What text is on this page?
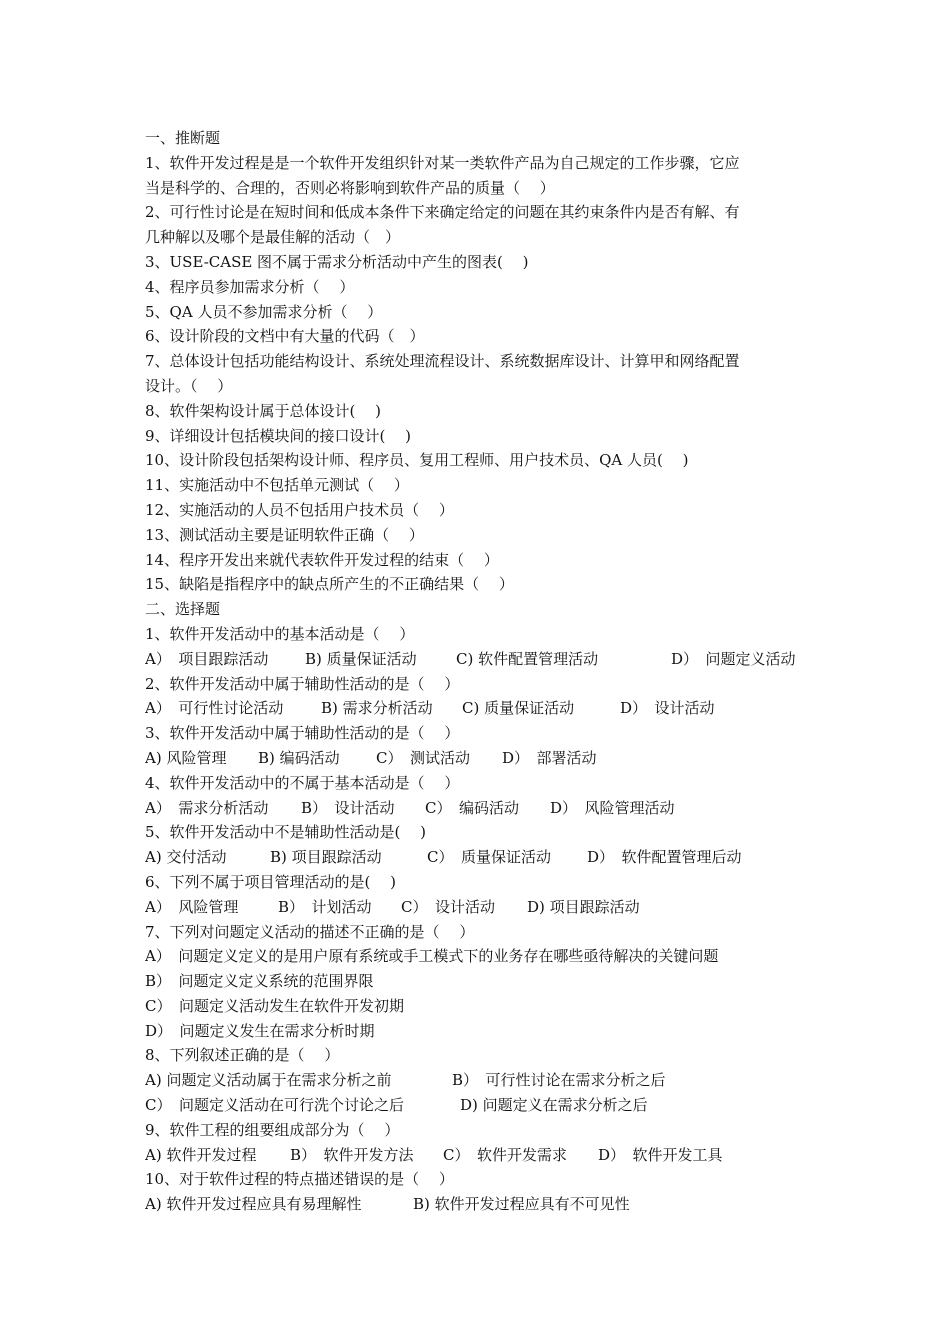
一、推断题
1、软件开发过程是是一个软件开发组织针对某一类软件产品为自己规定的工作步骤，它应
当是科学的、合理的，否则必将影响到软件产品的质量（　 ）
2、可行性讨论是在短时间和低成本条件下来确定给定的问题在其约束条件内是否有解、有
几种解以及哪个是最佳解的活动（　）
3、USE-CASE 图不属于需求分析活动中产生的图表(　 )
4、程序员参加需求分析（　 ）
5、QA 人员不参加需求分析（　 ）
6、设计阶段的文档中有大量的代码（　）
7、总体设计包括功能结构设计、系统处理流程设计、系统数据库设计、计算甲和网络配置
设计。（　 ）
8、软件架构设计属于总体设计(　 )
9、详细设计包括模块间的接口设计(　 )
10、设计阶段包括架构设计师、程序员、复用工程师、用户技术员、QA 人员(　 )
11、实施活动中不包括单元测试（　 ）
12、实施活动的人员不包括用户技术员（　 ）
13、测试活动主要是证明软件正确（　 ）
14、程序开发出来就代表软件开发过程的结束（　 ）
15、缺陷是指程序中的缺点所产生的不正确结果（　 ）
二、选择题
1、软件开发活动中的基本活动是（　 ）
A）　项目跟踪活动 B) 质量保证活动	C) 软件配置管理活动	D）　问题定义活动
2、软件开发活动中属于辅助性活动的是（　 ）
A）　可行性讨论活动	B) 需求分析活动 C) 质量保证活动	D）　设计活动
3、软件开发活动中属于辅助性活动的是（　 ）
A) 风险管理 B) 编码活动 C）　测试活动 D）　部署活动
4、软件开发活动中的不属于基本活动是（　 ）
A）　需求分析活动 B）　设计活动 C）　编码活动 D）　风险管理活动
5、软件开发活动中不是辅助性活动是(　 )
A) 交付活动	B) 项目跟踪活动	C）　质量保证活动 D）　软件配置管理后动
6、下列不属于项目管理活动的是(　 )
A）　风险管理	B）　计划活动 C）　设计活动 D) 项目跟踪活动
7、下列对问题定义活动的描述不正确的是（　 ）
A）　问题定义定义的是用户原有系统或手工模式下的业务存在哪些亟待解决的关键问题
B）　问题定义定义系统的范围界限
C）　问题定义活动发生在软件开发初期
D）　问题定义发生在需求分析时期
8、下列叙述正确的是（　 ）
A) 问题定义活动属于在需求分析之前	B）　可行性讨论在需求分析之后
C）　问题定义活动在可行洗个讨论之后	D) 问题定义在需求分析之后
9、软件工程的组要组成部分为（　 ）
A) 软件开发过程 B）　软件开发方法 C）　软件开发需求 D）　软件开发工具
10、对于软件过程的特点描述错误的是（　 ）
A) 软件开发过程应具有易理解性	B) 软件开发过程应具有不可见性
